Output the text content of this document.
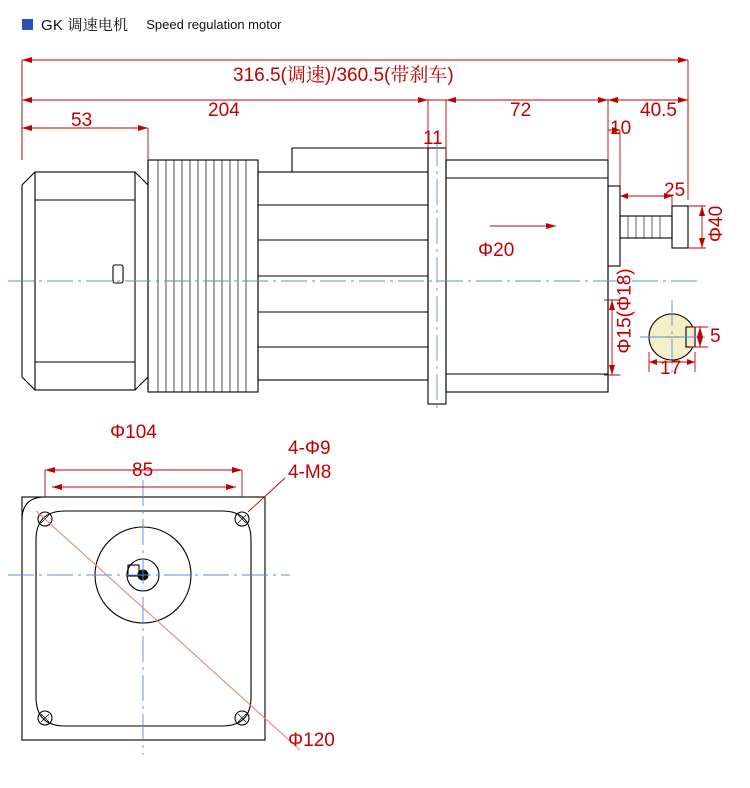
GK 调速电机 Speed regulation motor
316.5(调速)/360.5(带刹车)
204
53
11
72	40.5
10
25
Φ20
Φ40
Φ15(Φ18)	5
17
Φ104
85
4-Φ9
4-M8
Φ120
